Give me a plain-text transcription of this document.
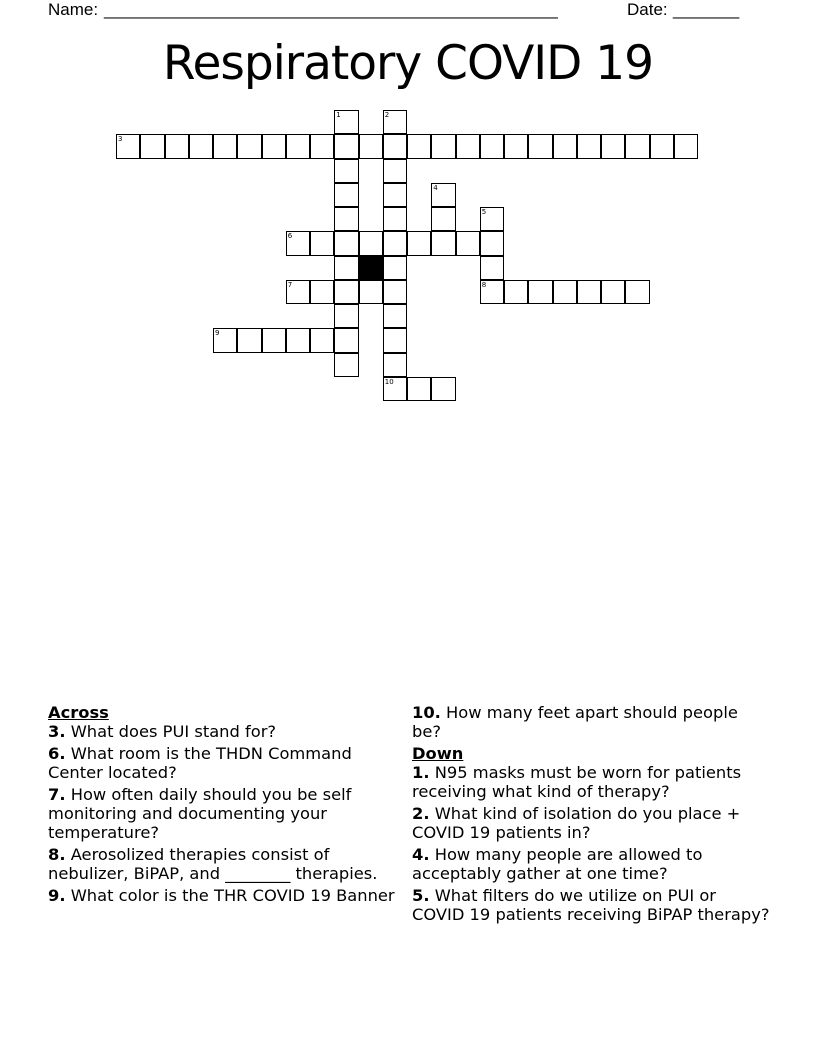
Name: ________________________________________________	Date: _______
Respiratory COVID 19
1	2
10
3
4
5
8
6
7
9
Across
3. What does PUI stand for?
6. What room is the THDN Command Center located?
7. How often daily should you be self monitoring and documenting your temperature?
8. Aerosolized therapies consist of nebulizer, BiPAP, and ________ therapies.
9. What color is the THR COVID 19 Banner
10. How many feet apart should people be?
Down
1. N95 masks must be worn for patients receiving what kind of therapy?
2. What kind of isolation do you place + COVID 19 patients in?
4. How many people are allowed to acceptably gather at one time?
5. What filters do we utilize on PUI or COVID 19 patients receiving BiPAP therapy?
